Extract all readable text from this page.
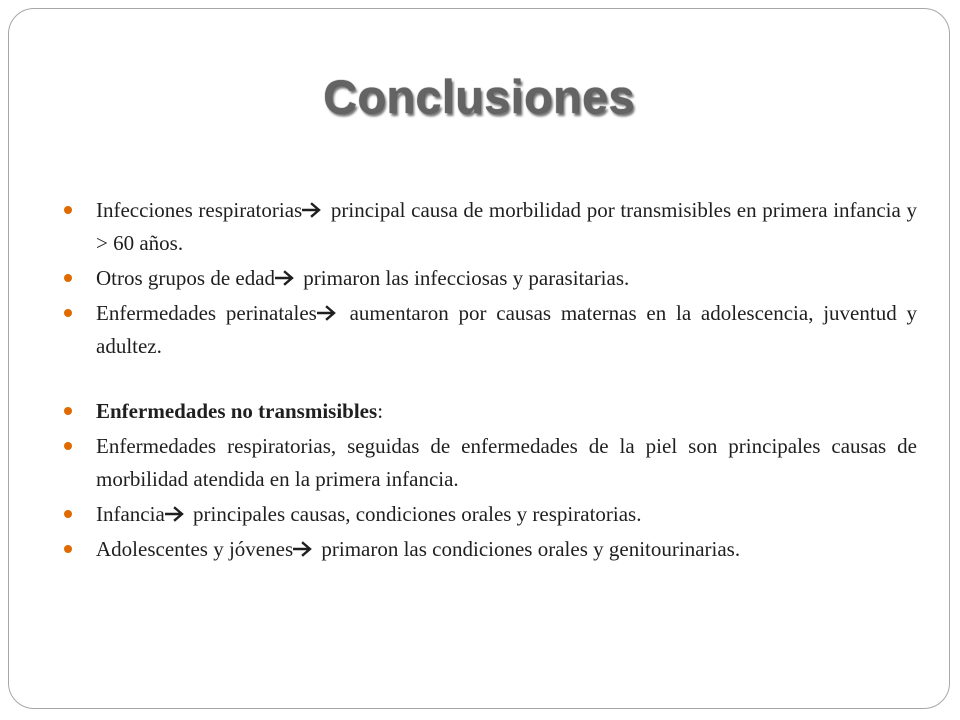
Conclusiones
Infecciones respiratorias
principal causa de morbilidad por transmisibles en primera infancia y > 60 años.
Otros grupos de edad
primaron las infecciosas y parasitarias.
Enfermedades perinatales
aumentaron por causas maternas en la adolescencia, juventud y adultez.
Enfermedades no transmisibles:
Enfermedades respiratorias, seguidas de enfermedades de la piel son principales causas de morbilidad atendida en la primera infancia.
Infancia
principales causas, condiciones orales y respiratorias.
Adolescentes y jóvenes
primaron las condiciones orales y genitourinarias.
